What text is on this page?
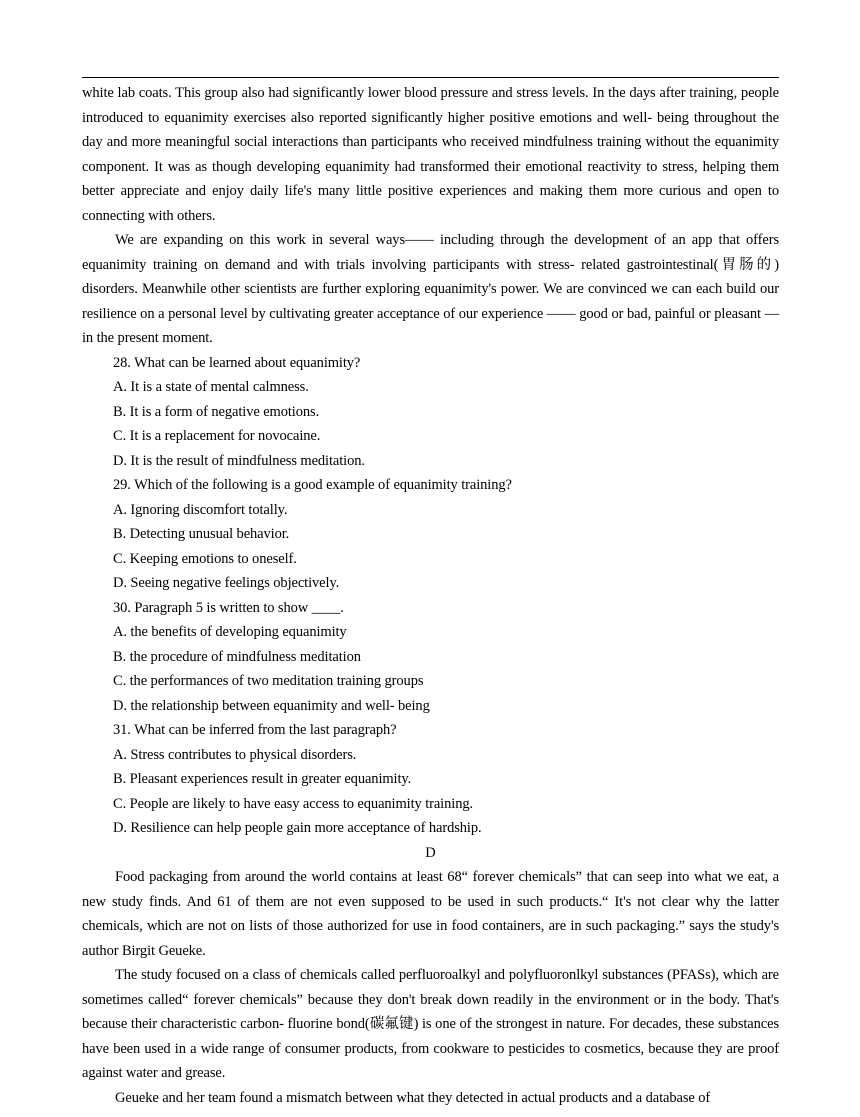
white lab coats. This group also had significantly lower blood pressure and stress levels. In the days after training, people introduced to equanimity exercises also reported significantly higher positive emotions and well- being throughout the day and more meaningful social interactions than participants who received mindfulness training without the equanimity component. It was as though developing equanimity had transformed their emotional reactivity to stress, helping them better appreciate and enjoy daily life's many little positive experiences and making them more curious and open to connecting with others.

We are expanding on this work in several ways—— including through the development of an app that offers equanimity training on demand and with trials involving participants with stress- related gastrointestinal(胃肠的) disorders. Meanwhile other scientists are further exploring equanimity's power. We are convinced we can each build our resilience on a personal level by cultivating greater acceptance of our experience —— good or bad, painful or pleasant — in the present moment.

28. What can be learned about equanimity?

A. It is a state of mental calmness.

B. It is a form of negative emotions.

C. It is a replacement for novocaine.

D. It is the result of mindfulness meditation.

29. Which of the following is a good example of equanimity training?

A. Ignoring discomfort totally.

B. Detecting unusual behavior.

C. Keeping emotions to oneself.

D. Seeing negative feelings objectively.

30. Paragraph 5 is written to show ____.

A. the benefits of developing equanimity

B. the procedure of mindfulness meditation

C. the performances of two meditation training groups

D. the relationship between equanimity and well- being

31. What can be inferred from the last paragraph?

A. Stress contributes to physical disorders.

B. Pleasant experiences result in greater equanimity.

C. People are likely to have easy access to equanimity training.

D. Resilience can help people gain more acceptance of hardship.

D

Food packaging from around the world contains at least 68“ forever chemicals” that can seep into what we eat, a new study finds. And 61 of them are not even supposed to be used in such products.“ It's not clear why the latter chemicals, which are not on lists of those authorized for use in food containers, are in such packaging.” says the study's author Birgit Geueke.

The study focused on a class of chemicals called perfluoroalkyl and polyfluoronlkyl substances (PFASs), which are sometimes called“ forever chemicals” because they don't break down readily in the environment or in the body. That's because their characteristic carbon- fluorine bond(碳氟键) is one of the strongest in nature. For decades, these substances have been used in a wide range of consumer products, from cookware to pesticides to cosmetics, because they are proof against water and grease.

Geueke and her team found a mismatch between what they detected in actual products and a database of
